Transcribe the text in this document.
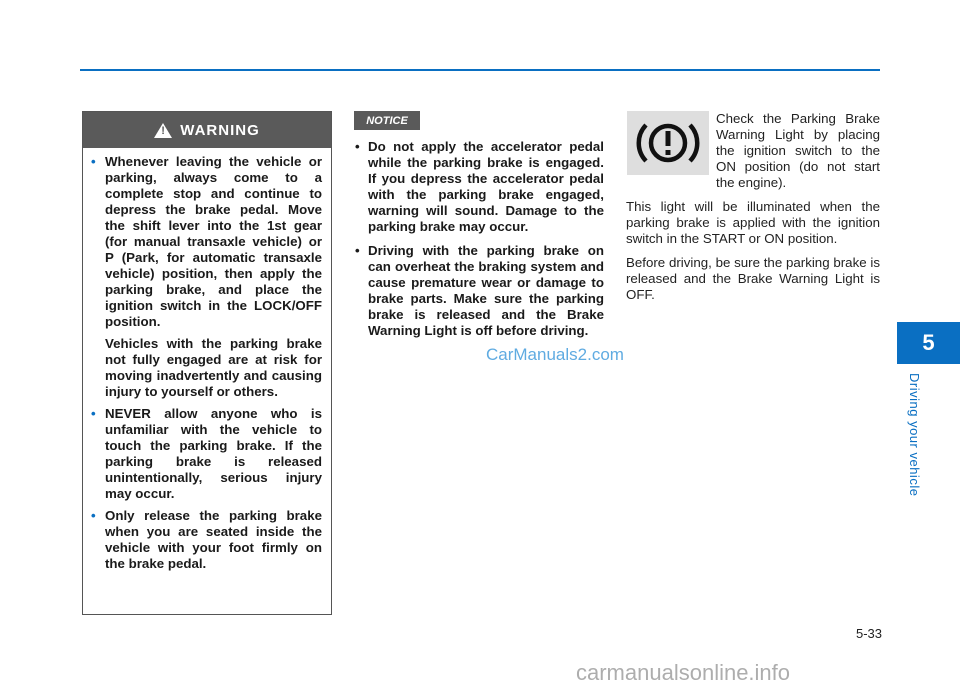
5
Driving your vehicle
!
WARNING
• Whenever leaving the vehicle or parking, always come to a complete stop and continue to depress the brake pedal. Move the shift lever into the 1st gear (for manual transaxle vehicle) or P (Park, for automatic transaxle vehicle) position, then apply the parking brake, and place the ignition switch in the LOCK/OFF position.

Vehicles with the parking brake not fully engaged are at risk for moving inadvertently and causing injury to yourself or others.

• NEVER allow anyone who is unfamiliar with the vehicle to touch the parking brake. If the parking brake is released unintentionally, serious injury may occur.

• Only release the parking brake when you are seated inside the vehicle with your foot firmly on the brake pedal.

NOTICE
• Do not apply the accelerator pedal while the parking brake is engaged. If you depress the accelerator pedal with the parking brake engaged, warning will sound. Damage to the parking brake may occur.
• Driving with the parking brake on can overheat the braking system and cause premature wear or damage to brake parts. Make sure the parking brake is released and the Brake Warning Light is off before driving.

Check the Parking Brake Warning Light by placing the ignition switch to the ON position (do not start the engine).

This light will be illuminated when the parking brake is applied with the ignition switch in the START or ON position.

Before driving, be sure the parking brake is released and the Brake Warning Light is OFF.

CarManuals2.com
5-33
carmanualsonline.info
